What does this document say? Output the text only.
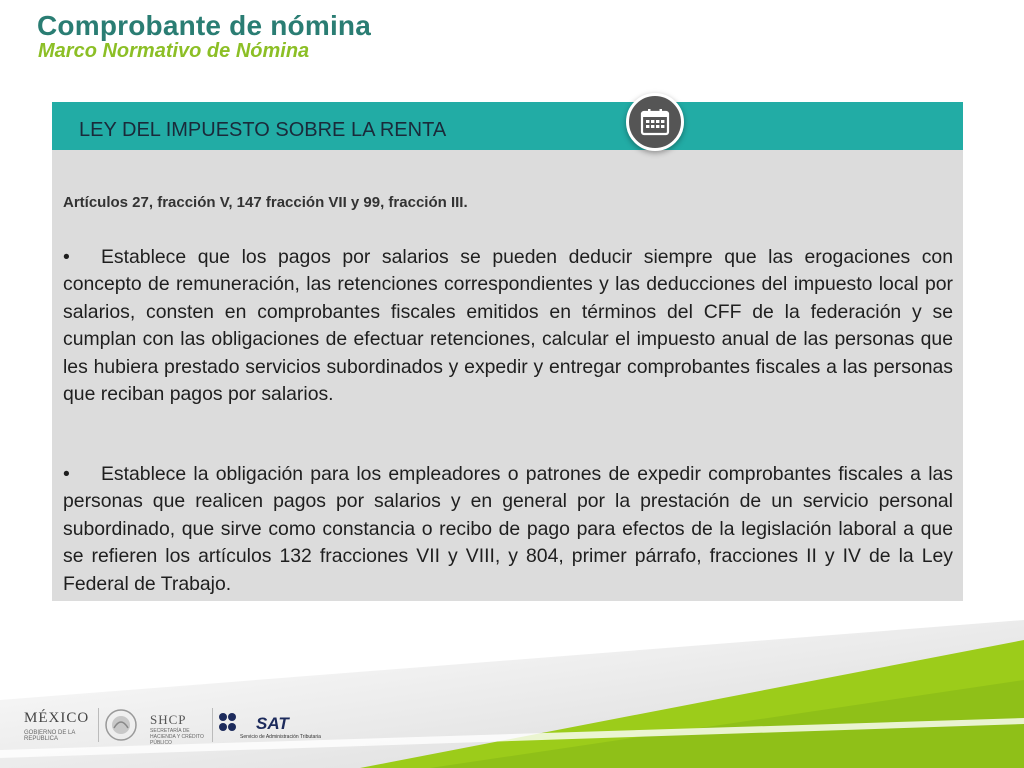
Comprobante de nómina
Marco Normativo de Nómina
LEY DEL IMPUESTO SOBRE LA RENTA
Artículos 27, fracción V, 147 fracción VII y 99, fracción III.
• Establece que los pagos por salarios se pueden deducir siempre que las erogaciones con concepto de remuneración, las retenciones correspondientes y las deducciones del impuesto local por salarios, consten en comprobantes fiscales emitidos en términos del CFF de la federación y se cumplan con las obligaciones de efectuar retenciones, calcular el impuesto anual de las personas que les hubiera prestado servicios subordinados y expedir y entregar comprobantes fiscales a las personas que reciban pagos por salarios.
• Establece la obligación para los empleadores o patrones de expedir comprobantes fiscales a las personas que realicen pagos por salarios y en general por la prestación de un servicio personal subordinado, que sirve como constancia o recibo de pago para efectos de la legislación laboral a que se refieren los artículos 132 fracciones VII y VIII, y 804, primer párrafo, fracciones II y IV de la Ley Federal de Trabajo.
MÉXICO
GOBIERNO DE LA REPÚBLICA
SHCP
SECRETARÍA DE HACIENDA Y CRÉDITO PÚBLICO
SAT
Servicio de Administración Tributaria
